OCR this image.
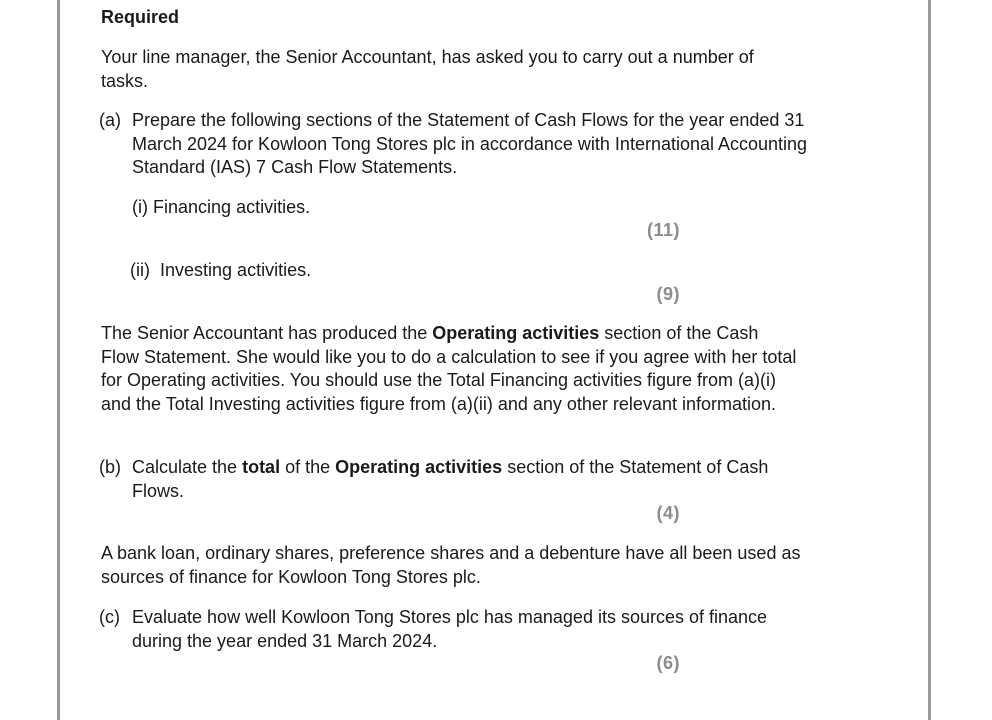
Required
Your line manager, the Senior Accountant, has asked you to carry out a number of tasks.
(a) Prepare the following sections of the Statement of Cash Flows for the year ended 31 March 2024 for Kowloon Tong Stores plc in accordance with International Accounting Standard (IAS) 7 Cash Flow Statements.
(i) Financing activities.
(11)
(ii) Investing activities.
(9)
The Senior Accountant has produced the Operating activities section of the Cash Flow Statement. She would like you to do a calculation to see if you agree with her total for Operating activities. You should use the Total Financing activities figure from (a)(i) and the Total Investing activities figure from (a)(ii) and any other relevant information.
(b) Calculate the total of the Operating activities section of the Statement of Cash Flows.
(4)
A bank loan, ordinary shares, preference shares and a debenture have all been used as sources of finance for Kowloon Tong Stores plc.
(c) Evaluate how well Kowloon Tong Stores plc has managed its sources of finance during the year ended 31 March 2024.
(6)
